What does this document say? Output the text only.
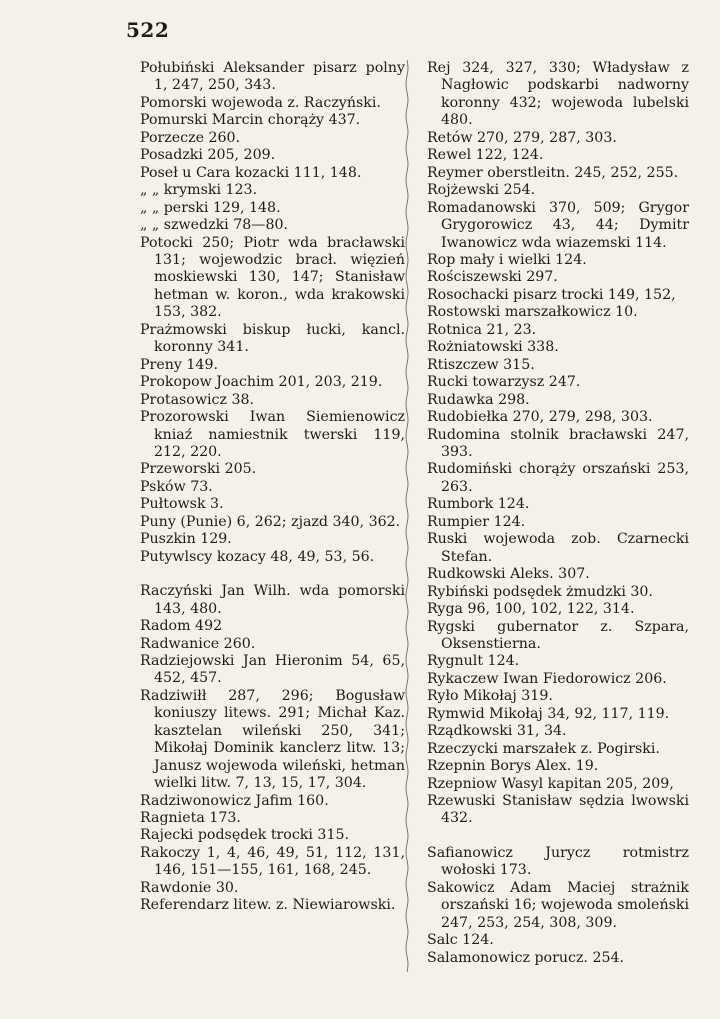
522

Połubiński Aleksander pisarz polny 1, 247, 250, 343.

Pomorski wojewoda z. Raczyński.

Pomurski Marcin chorąży 437.

Porzecze 260.

Posadzki 205, 209.

Poseł u Cara kozacki 111, 148.

„ „ krymski 123.

„ „ perski 129, 148.

„ „ szwedzki 78—80.

Potocki 250; Piotr wda bracławski 131; wojewodzic bracł. więzień moskiewski 130, 147; Stanisław hetman w. koron., wda krakowski 153, 382.

Prażmowski biskup łucki, kancl. koronny 341.

Preny 149.

Prokopow Joachim 201, 203, 219.

Protasowicz 38.

Prozorowski Iwan Siemienowicz kniaź namiestnik twerski 119, 212, 220.

Przeworski 205.

Psków 73.

Pułtowsk 3.

Puny (Punie) 6, 262; zjazd 340, 362.

Puszkin 129.

Putywlscy kozacy 48, 49, 53, 56.

Raczyński Jan Wilh. wda pomorski 143, 480.

Radom 492

Radwanice 260.

Radziejowski Jan Hieronim 54, 65, 452, 457.

Radziwiłł 287, 296; Bogusław koniuszy litews. 291; Michał Kaz. kasztelan wileński 250, 341; Mikołaj Dominik kanclerz litw. 13; Janusz wojewoda wileński, hetman wielki litw. 7, 13, 15, 17, 304.

Radziwonowicz Jafim 160.

Ragnieta 173.

Rajecki podsędek trocki 315.

Rakoczy 1, 4, 46, 49, 51, 112, 131, 146, 151—155, 161, 168, 245.

Rawdonie 30.

Referendarz litew. z. Niewiarowski.

Rej 324, 327, 330; Władysław z Nagłowic podskarbi nadworny koronny 432; wojewoda lubelski 480.

Retów 270, 279, 287, 303.

Rewel 122, 124.

Reymer oberstleitn. 245, 252, 255.

Rojżewski 254.

Romadanowski 370, 509; Grygor Grygorowicz 43, 44; Dymitr Iwanowicz wda wiazemski 114.

Rop mały i wielki 124.

Rościszewski 297.

Rosochacki pisarz trocki 149, 152,

Rostowski marszałkowicz 10.

Rotnica 21, 23.

Rożniatowski 338.

Rtiszczew 315.

Rucki towarzysz 247.

Rudawka 298.

Rudobiełka 270, 279, 298, 303.

Rudomina stolnik bracławski 247, 393.

Rudomiński chorąży orszański 253, 263.

Rumbork 124.

Rumpier 124.

Ruski wojewoda zob. Czarnecki Stefan.

Rudkowski Aleks. 307.

Rybiński podsędek żmudzki 30.

Ryga 96, 100, 102, 122, 314.

Rygski gubernator z. Szpara, Oksenstierna.

Rygnult 124.

Rykaczew Iwan Fiedorowicz 206.

Ryło Mikołaj 319.

Rymwid Mikołaj 34, 92, 117, 119.

Rządkowski 31, 34.

Rzeczycki marszałek z. Pogirski.

Rzepnin Borys Alex. 19.

Rzepniow Wasyl kapitan 205, 209,

Rzewuski Stanisław sędzia lwowski 432.

Safianowicz Jurycz rotmistrz wołoski 173.

Sakowicz Adam Maciej strażnik orszański 16; wojewoda smoleński 247, 253, 254, 308, 309.

Salc 124.

Salamonowicz porucz. 254.
